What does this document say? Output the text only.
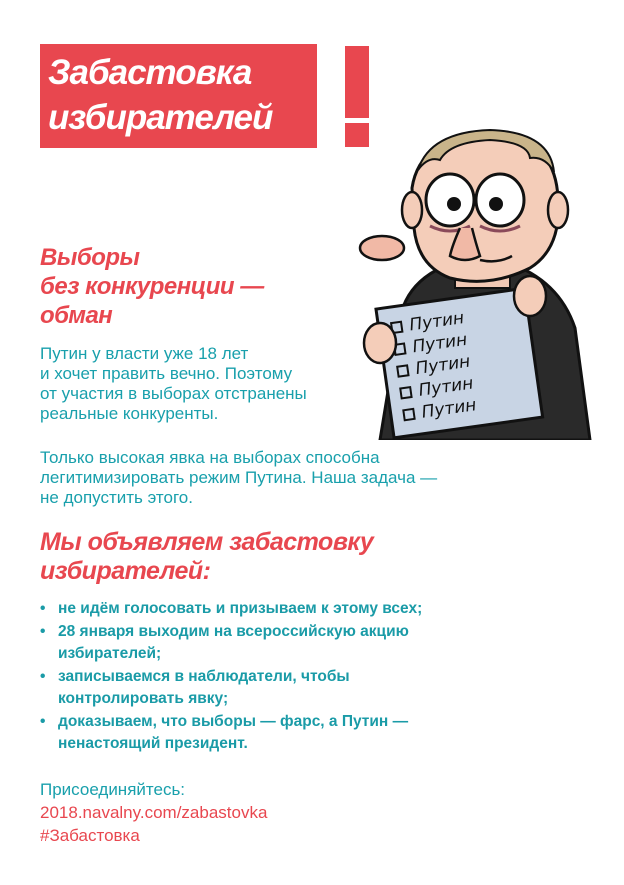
Забастовка
избирателей
Путин
Путин
Путин
Путин
Путин
Выборы
без конкуренции —
обман
Путин у власти уже 18 лет
и хочет править вечно. Поэтому
от участия в выборах отстранены
реальные конкуренты.
Только высокая явка на выборах способна
легитимизировать режим Путина. Наша задача —
не допустить этого.
Мы объявляем забастовку
избирателей:
• не идём голосовать и призываем к этому всех;
• 28 января выходим на всероссийскую акцию
избирателей;
• записываемся в наблюдатели, чтобы
контролировать явку;
• доказываем, что выборы — фарс, а Путин —
ненастоящий президент.
Присоединяйтесь:
2018.navalny.com/zabastovka
#Забастовка
